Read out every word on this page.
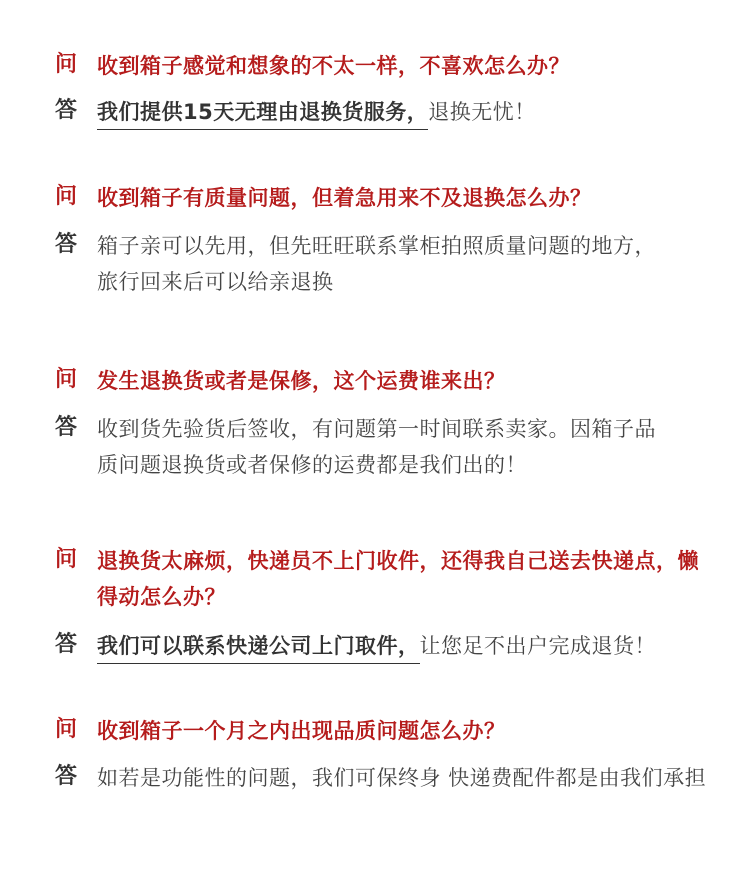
问 收到箱子感觉和想象的不太一样，不喜欢怎么办？
答 我们提供15天无理由退换货服务，退换无忧！
问 收到箱子有质量问题，但着急用来不及退换怎么办？
答 箱子亲可以先用，但先旺旺联系掌柜拍照质量问题的地方，旅行回来后可以给亲退换
问 发生退换货或者是保修，这个运费谁来出？
答 收到货先验货后签收，有问题第一时间联系卖家。因箱子品质问题退换货或者保修的运费都是我们出的！
问 退换货太麻烦，快递员不上门收件，还得我自己送去快递点，懒得动怎么办？
答 我们可以联系快递公司上门取件，让您足不出户完成退货！
问 收到箱子一个月之内出现品质问题怎么办？
答 如若是功能性的问题，我们可保终身 快递费配件都是由我们承担
